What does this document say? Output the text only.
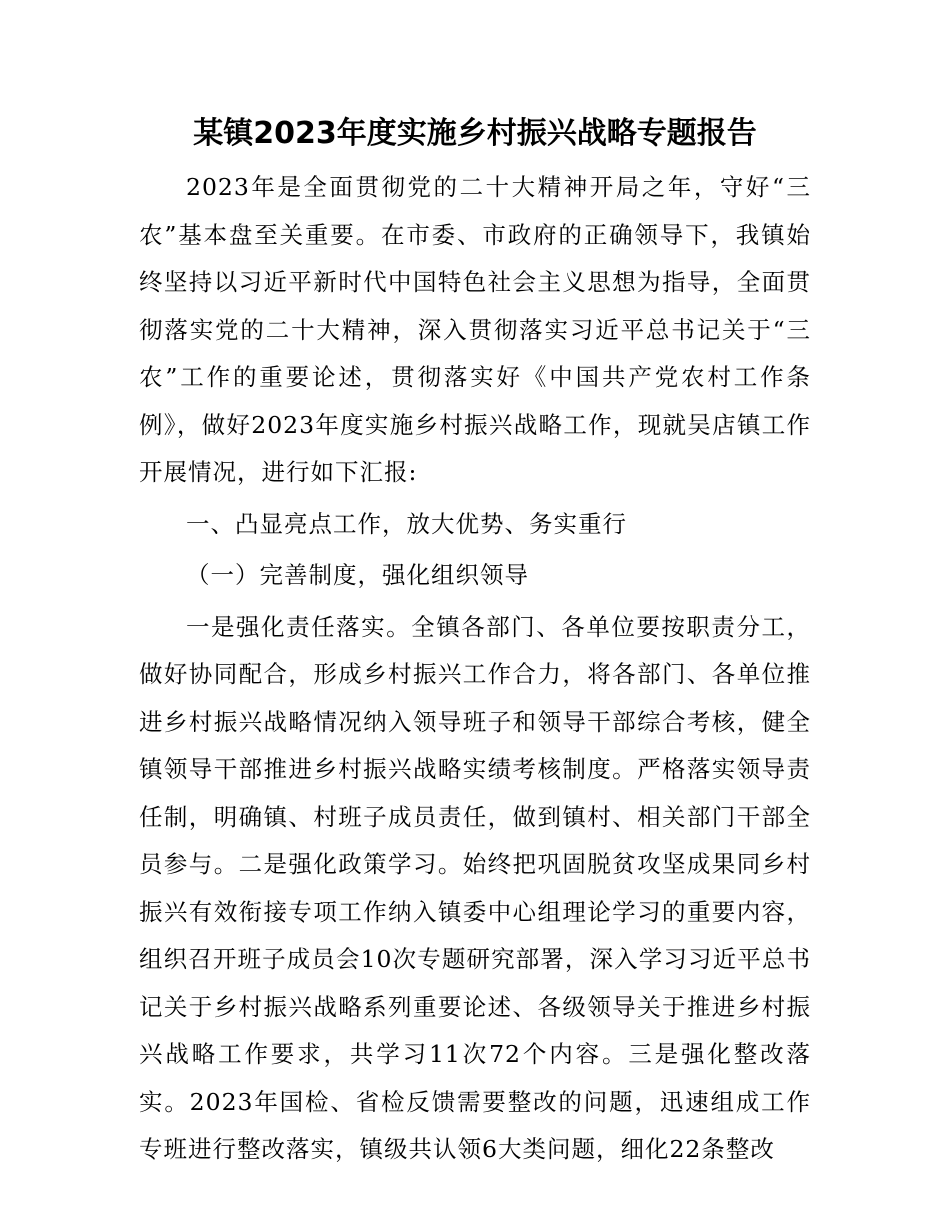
某镇2023年度实施乡村振兴战略专题报告

2023年是全面贯彻党的二十大精神开局之年，守好“三农”基本盘至关重要。在市委、市政府的正确领导下，我镇始终坚持以习近平新时代中国特色社会主义思想为指导，全面贯彻落实党的二十大精神，深入贯彻落实习近平总书记关于“三农”工作的重要论述，贯彻落实好《中国共产党农村工作条例》，做好2023年度实施乡村振兴战略工作，现就吴店镇工作开展情况，进行如下汇报:

一、凸显亮点工作，放大优势、务实重行

（一）完善制度，强化组织领导

一是强化责任落实。全镇各部门、各单位要按职责分工，做好协同配合，形成乡村振兴工作合力，将各部门、各单位推进乡村振兴战略情况纳入领导班子和领导干部综合考核，健全镇领导干部推进乡村振兴战略实绩考核制度。严格落实领导责任制，明确镇、村班子成员责任，做到镇村、相关部门干部全员参与。二是强化政策学习。始终把巩固脱贫攻坚成果同乡村振兴有效衔接专项工作纳入镇委中心组理论学习的重要内容，组织召开班子成员会10次专题研究部署，深入学习习近平总书记关于乡村振兴战略系列重要论述、各级领导关于推进乡村振兴战略工作要求，共学习11次72个内容。三是强化整改落实。2023年国检、省检反馈需要整改的问题，迅速组成工作专班进行整改落实，镇级共认领6大类问题，细化22条整改
